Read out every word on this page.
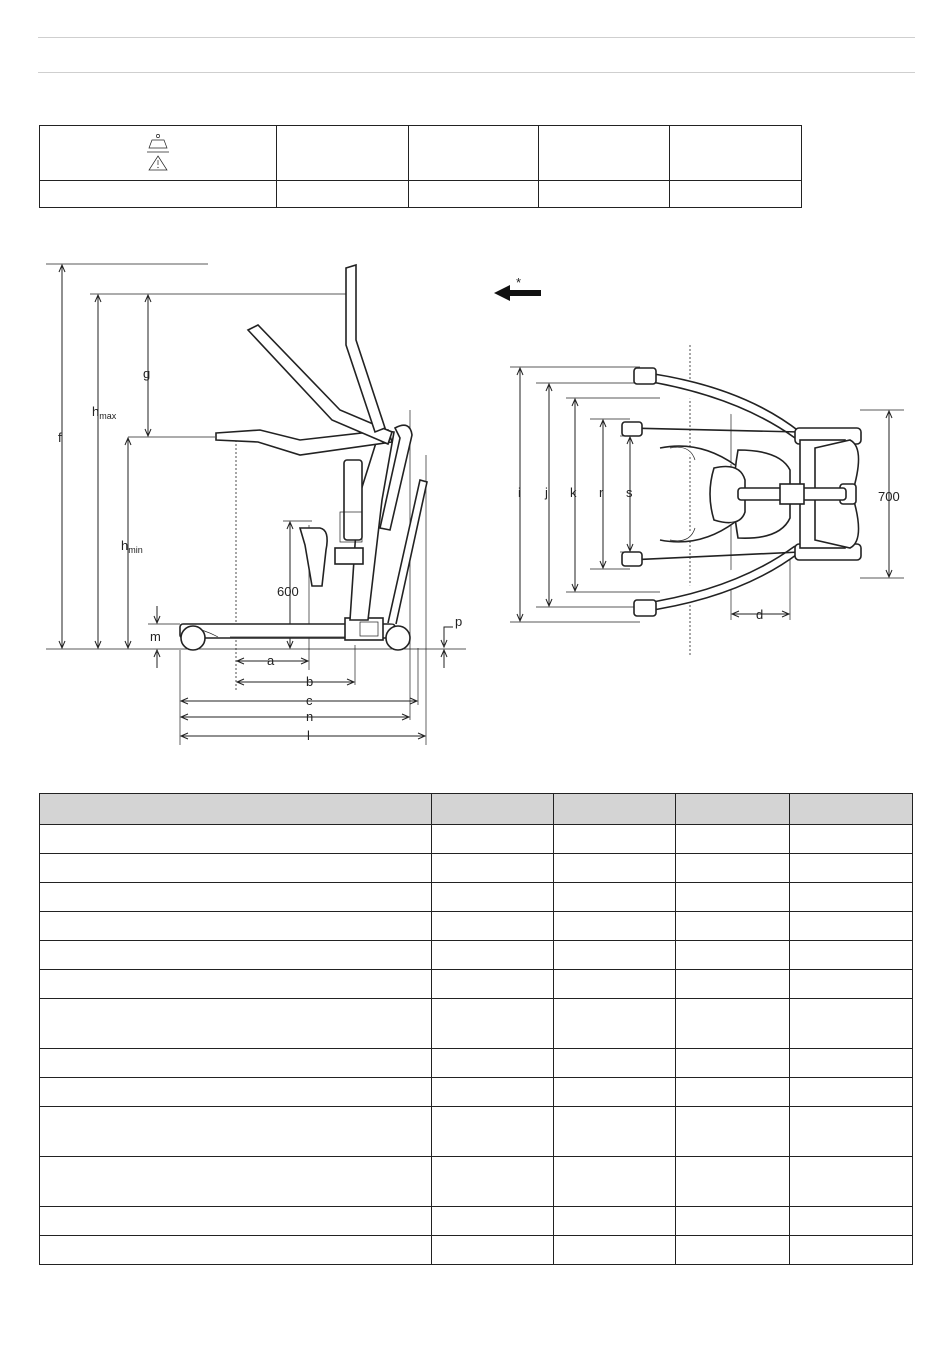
f
g
$h_{max}$
$h_{min}$
600
m
p
a
b
c
n
l
*
i j k r s
d
700
